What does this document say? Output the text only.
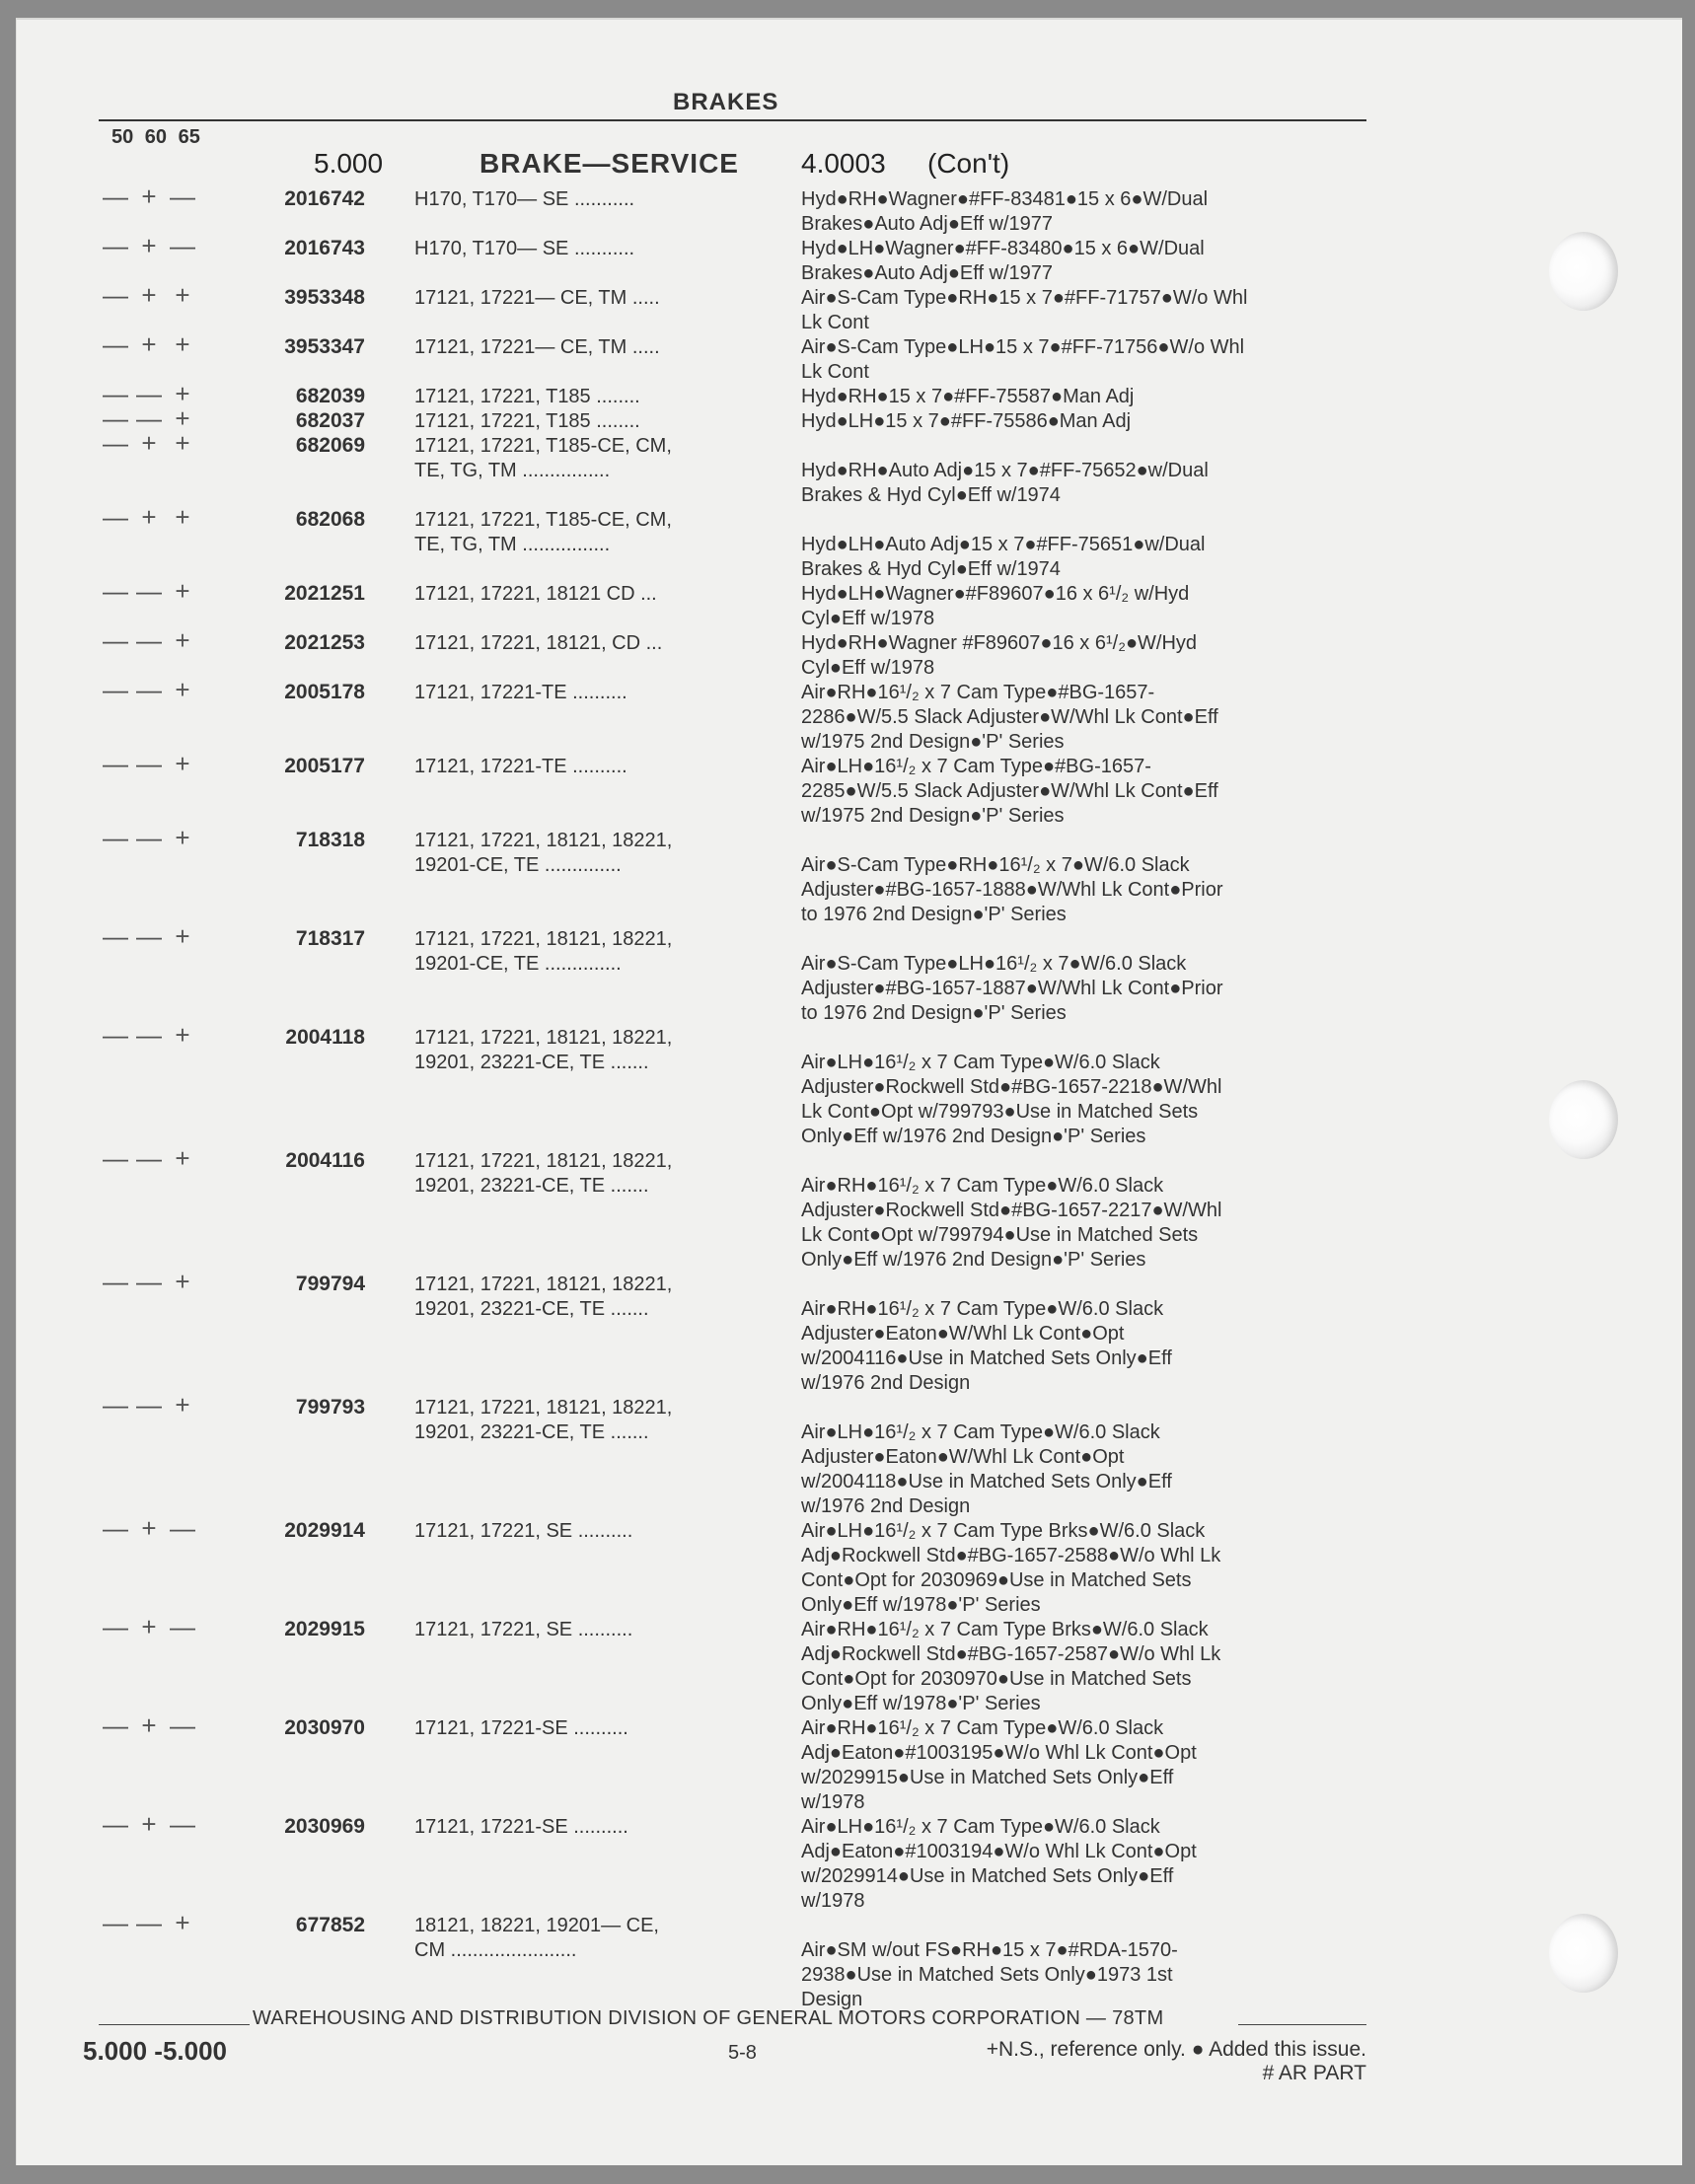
BRAKES
50 60 65
5.000	BRAKE—SERVICE 4.0003 (Con't)
— + —	2016742	H170, T170— SE ...........	Hyd●RH●Wagner●#FF-83481●15 x 6●W/Dual
Brakes●Auto Adj●Eff w/1977
— + —	2016743	H170, T170— SE ...........	Hyd●LH●Wagner●#FF-83480●15 x 6●W/Dual
Brakes●Auto Adj●Eff w/1977
— + +	3953348	17121, 17221— CE, TM .....	Air●S-Cam Type●RH●15 x 7●#FF-71757●W/o Whl
Lk Cont
— + +	3953347	17121, 17221— CE, TM .....	Air●S-Cam Type●LH●15 x 7●#FF-71756●W/o Whl
Lk Cont
— — +	682039	17121, 17221, T185 ........	Hyd●RH●15 x 7●#FF-75587●Man Adj
— — +	682037	17121, 17221, T185 ........	Hyd●LH●15 x 7●#FF-75586●Man Adj
— + +	682069	17121, 17221, T185-CE, CM,
TE, TG, TM ................	Hyd●RH●Auto Adj●15 x 7●#FF-75652●w/Dual
Brakes & Hyd Cyl●Eff w/1974
— + +	682068	17121, 17221, T185-CE, CM,
TE, TG, TM ................	Hyd●LH●Auto Adj●15 x 7●#FF-75651●w/Dual
Brakes & Hyd Cyl●Eff w/1974
— — +	2021251	17121, 17221, 18121 CD ...	Hyd●LH●Wagner●#F89607●16 x 6¹/₂ w/Hyd
Cyl●Eff w/1978
— — +	2021253	17121, 17221, 18121, CD ...	Hyd●RH●Wagner #F89607●16 x 6¹/₂●W/Hyd
Cyl●Eff w/1978
— — +	2005178	17121, 17221-TE ..........	Air●RH●16¹/₂ x 7 Cam Type●#BG-1657-
2286●W/5.5 Slack Adjuster●W/Whl Lk Cont●Eff
w/1975 2nd Design●'P' Series
— — +	2005177	17121, 17221-TE ..........	Air●LH●16¹/₂ x 7 Cam Type●#BG-1657-
2285●W/5.5 Slack Adjuster●W/Whl Lk Cont●Eff
w/1975 2nd Design●'P' Series
— — +	718318	17121, 17221, 18121, 18221,
19201-CE, TE ..............	Air●S-Cam Type●RH●16¹/₂ x 7●W/6.0 Slack
Adjuster●#BG-1657-1888●W/Whl Lk Cont●Prior
to 1976 2nd Design●'P' Series
— — +	718317	17121, 17221, 18121, 18221,
19201-CE, TE ..............	Air●S-Cam Type●LH●16¹/₂ x 7●W/6.0 Slack
Adjuster●#BG-1657-1887●W/Whl Lk Cont●Prior
to 1976 2nd Design●'P' Series
— — +	2004118	17121, 17221, 18121, 18221,
19201, 23221-CE, TE .......	Air●LH●16¹/₂ x 7 Cam Type●W/6.0 Slack
Adjuster●Rockwell Std●#BG-1657-2218●W/Whl
Lk Cont●Opt w/799793●Use in Matched Sets
Only●Eff w/1976 2nd Design●'P' Series
— — +	2004116	17121, 17221, 18121, 18221,
19201, 23221-CE, TE .......	Air●RH●16¹/₂ x 7 Cam Type●W/6.0 Slack
Adjuster●Rockwell Std●#BG-1657-2217●W/Whl
Lk Cont●Opt w/799794●Use in Matched Sets
Only●Eff w/1976 2nd Design●'P' Series
— — +	799794	17121, 17221, 18121, 18221,
19201, 23221-CE, TE .......	Air●RH●16¹/₂ x 7 Cam Type●W/6.0 Slack
Adjuster●Eaton●W/Whl Lk Cont●Opt
w/2004116●Use in Matched Sets Only●Eff
w/1976 2nd Design
— — +	799793	17121, 17221, 18121, 18221,
19201, 23221-CE, TE .......	Air●LH●16¹/₂ x 7 Cam Type●W/6.0 Slack
Adjuster●Eaton●W/Whl Lk Cont●Opt
w/2004118●Use in Matched Sets Only●Eff
w/1976 2nd Design
— + —	2029914	17121, 17221, SE ..........	Air●LH●16¹/₂ x 7 Cam Type Brks●W/6.0 Slack
Adj●Rockwell Std●#BG-1657-2588●W/o Whl Lk
Cont●Opt for 2030969●Use in Matched Sets
Only●Eff w/1978●'P' Series
— + —	2029915	17121, 17221, SE ..........	Air●RH●16¹/₂ x 7 Cam Type Brks●W/6.0 Slack
Adj●Rockwell Std●#BG-1657-2587●W/o Whl Lk
Cont●Opt for 2030970●Use in Matched Sets
Only●Eff w/1978●'P' Series
— + —	2030970	17121, 17221-SE ..........	Air●RH●16¹/₂ x 7 Cam Type●W/6.0 Slack
Adj●Eaton●#1003195●W/o Whl Lk Cont●Opt
w/2029915●Use in Matched Sets Only●Eff
w/1978
— + —	2030969	17121, 17221-SE ..........	Air●LH●16¹/₂ x 7 Cam Type●W/6.0 Slack
Adj●Eaton●#1003194●W/o Whl Lk Cont●Opt
w/2029914●Use in Matched Sets Only●Eff
w/1978
— — +	677852	18121, 18221, 19201— CE,
CM .......................	Air●SM w/out FS●RH●15 x 7●#RDA-1570-
2938●Use in Matched Sets Only●1973 1st
Design
WAREHOUSING AND DISTRIBUTION DIVISION OF GENERAL MOTORS CORPORATION — 78TM
5.000 -5.000	5-8	+N.S., reference only. ● Added this issue.
# AR PART
